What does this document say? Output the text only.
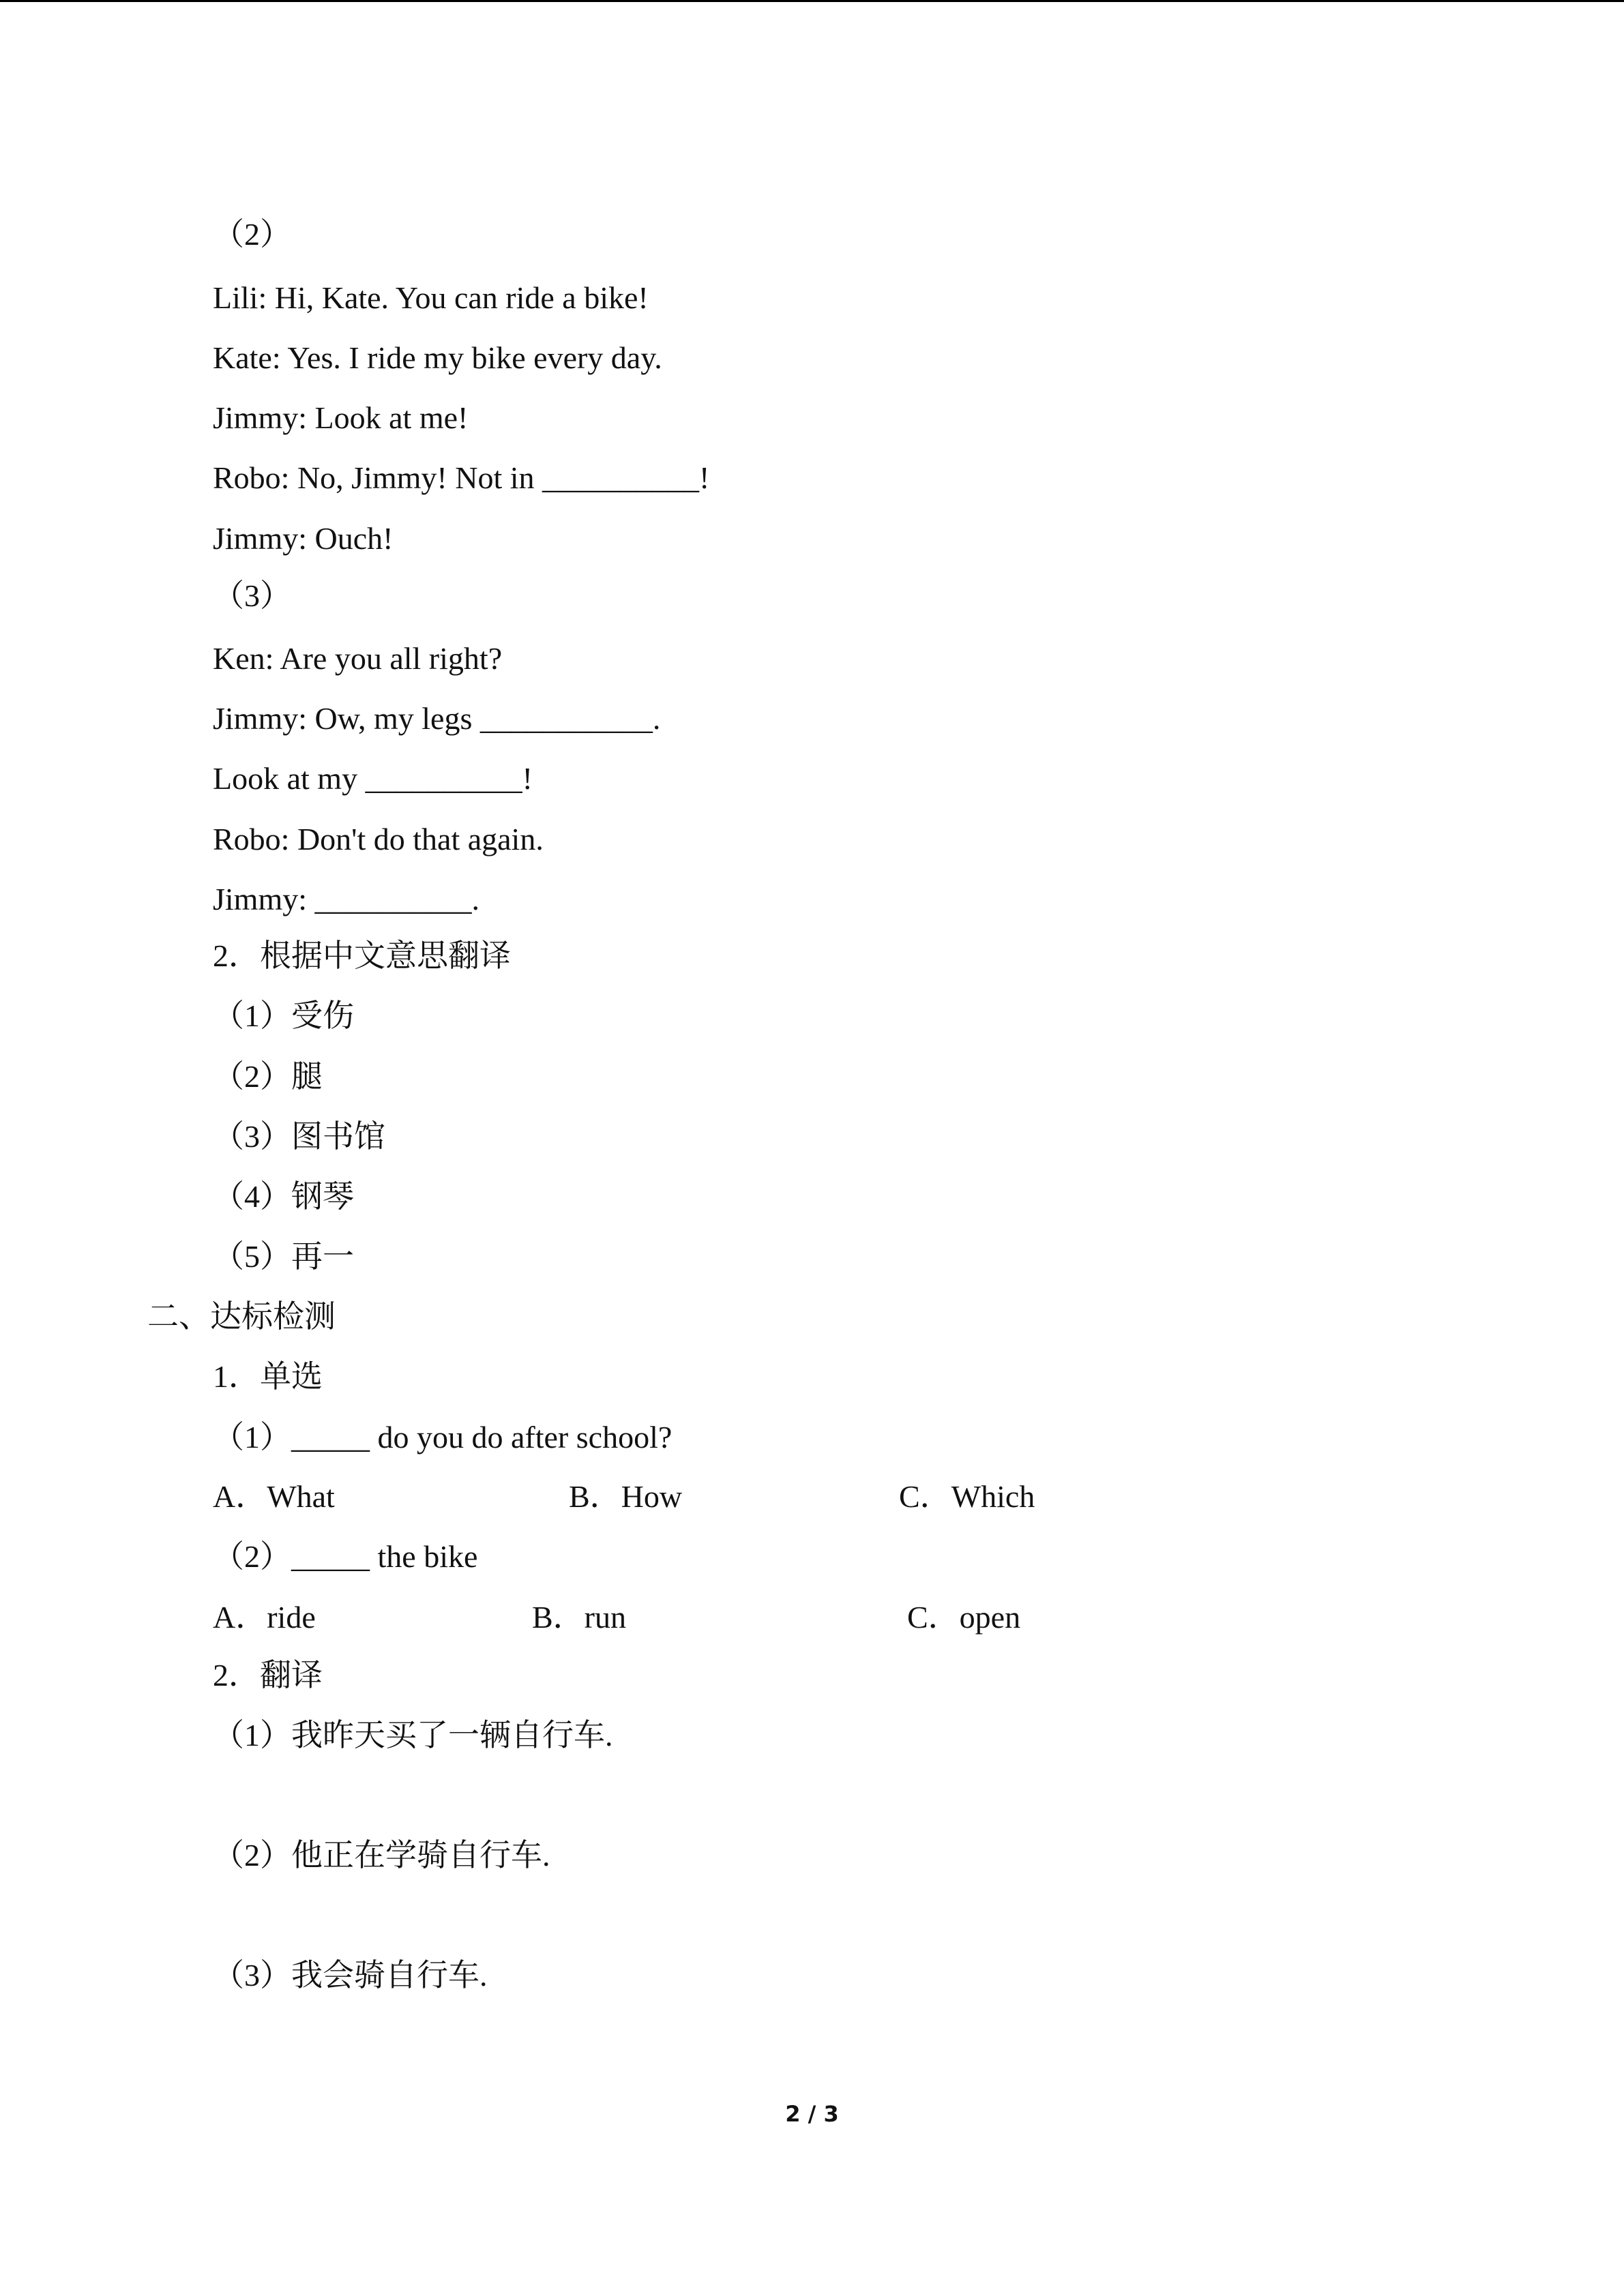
（2）
Lili: Hi, Kate. You can ride a bike!
Kate: Yes. I ride my bike every day.
Jimmy: Look at me!
Robo: No, Jimmy! Not in __________!
Jimmy: Ouch!
（3）
Ken: Are you all right?
Jimmy: Ow, my legs ___________.
Look at my __________!
Robo: Don't do that again.
Jimmy: __________.
2．根据中文意思翻译
（1）受伤
（2）腿
（3）图书馆
（4）钢琴
（5）再一
二、达标检测
1．单选
（1）_____ do you do after school?
A．What	B．How	C．Which
（2）_____ the bike
A．ride	B．run	C．open
2．翻译
（1）我昨天买了一辆自行车.
（2）他正在学骑自行车.
（3）我会骑自行车.
2 / 3
